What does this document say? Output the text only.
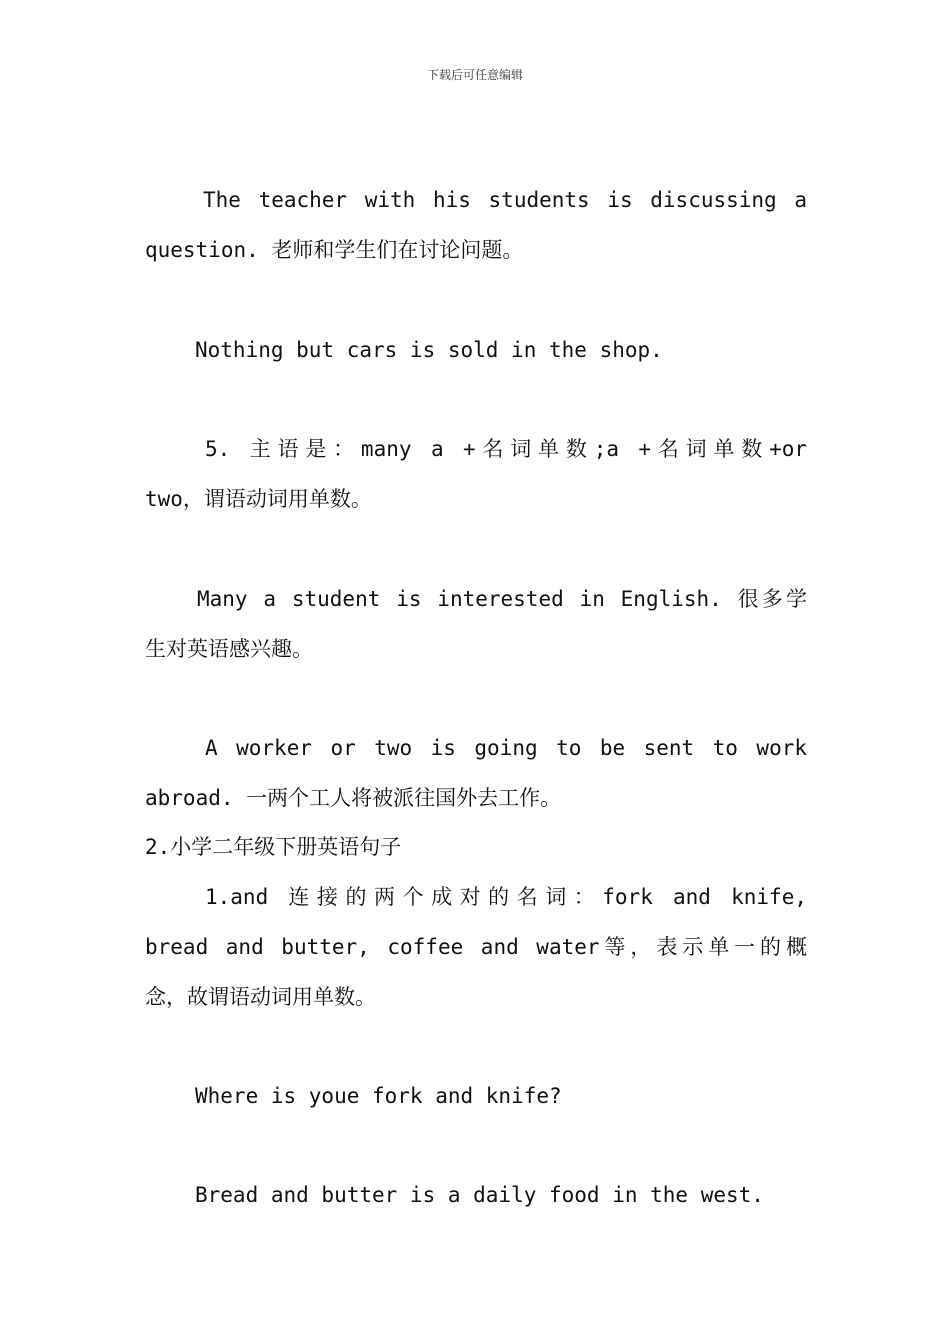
下载后可任意编辑
The teacher with his students is discussing a
question. 老师和学生们在讨论问题。
Nothing but cars is sold in the shop.
5. 主语是：many a +名词单数;a +名词单数+or
two，谓语动词用单数。
Many a student is interested in English. 很多学
生对英语感兴趣。
A worker or two is going to be sent to work
abroad. 一两个工人将被派往国外去工作。
2.小学二年级下册英语句子
1.and 连接的两个成对的名词：fork and knife,
bread and butter, coffee and water等，表示单一的概
念，故谓语动词用单数。
Where is youe fork and knife?
Bread and butter is a daily food in the west.
